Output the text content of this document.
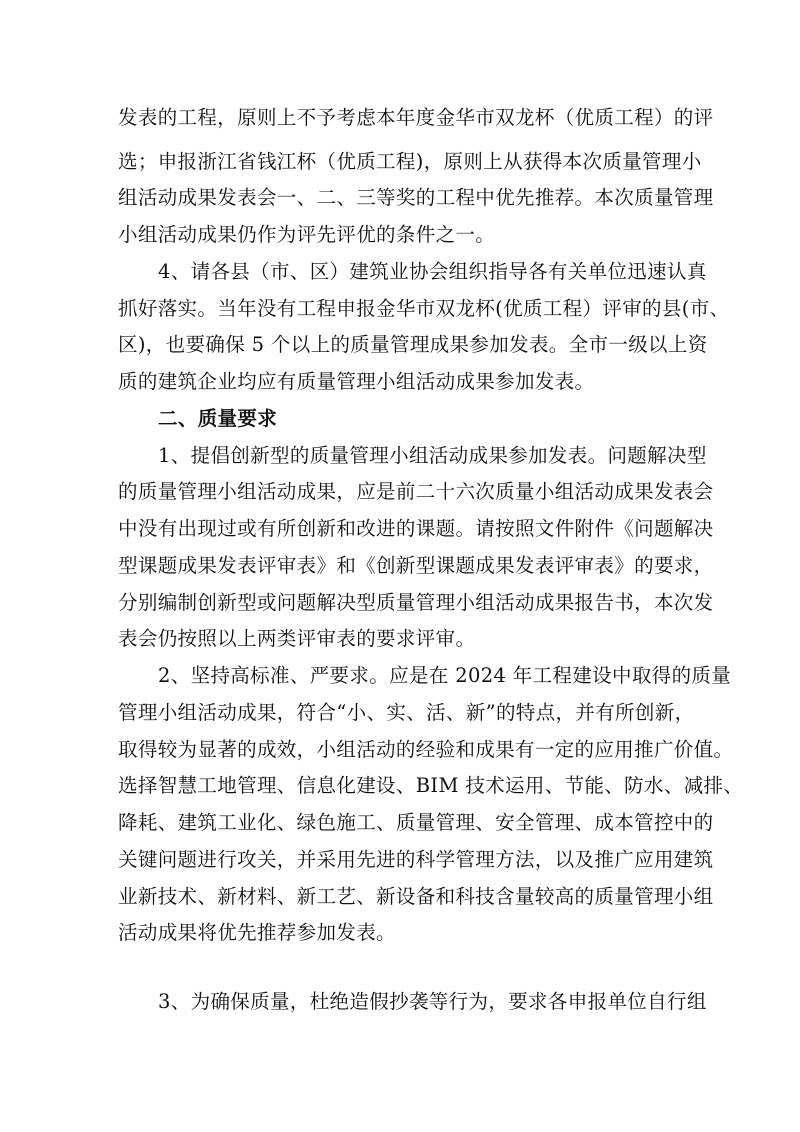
发表的工程，原则上不予考虑本年度金华市双龙杯（优质工程）的评
选；申报浙江省钱江杯（优质工程)，原则上从获得本次质量管理小
组活动成果发表会一、二、三等奖的工程中优先推荐。本次质量管理
小组活动成果仍作为评先评优的条件之一。
4、请各县（市、区）建筑业协会组织指导各有关单位迅速认真
抓好落实。当年没有工程申报金华市双龙杯(优质工程）评审的县(市、
区)，也要确保 5 个以上的质量管理成果参加发表。全市一级以上资
质的建筑企业均应有质量管理小组活动成果参加发表。
二、质量要求
1、提倡创新型的质量管理小组活动成果参加发表。问题解决型
的质量管理小组活动成果，应是前二十六次质量小组活动成果发表会
中没有出现过或有所创新和改进的课题。请按照文件附件《问题解决
型课题成果发表评审表》和《创新型课题成果发表评审表》的要求，
分别编制创新型或问题解决型质量管理小组活动成果报告书，本次发
表会仍按照以上两类评审表的要求评审。
2、坚持高标准、严要求。应是在 2024 年工程建设中取得的质量
管理小组活动成果，符合“小、实、活、新”的特点，并有所创新，
取得较为显著的成效，小组活动的经验和成果有一定的应用推广价值。
选择智慧工地管理、信息化建设、BIM 技术运用、节能、防水、减排、
降耗、建筑工业化、绿色施工、质量管理、安全管理、成本管控中的
关键问题进行攻关，并采用先进的科学管理方法，以及推广应用建筑
业新技术、新材料、新工艺、新设备和科技含量较高的质量管理小组
活动成果将优先推荐参加发表。
3、为确保质量，杜绝造假抄袭等行为，要求各申报单位自行组
